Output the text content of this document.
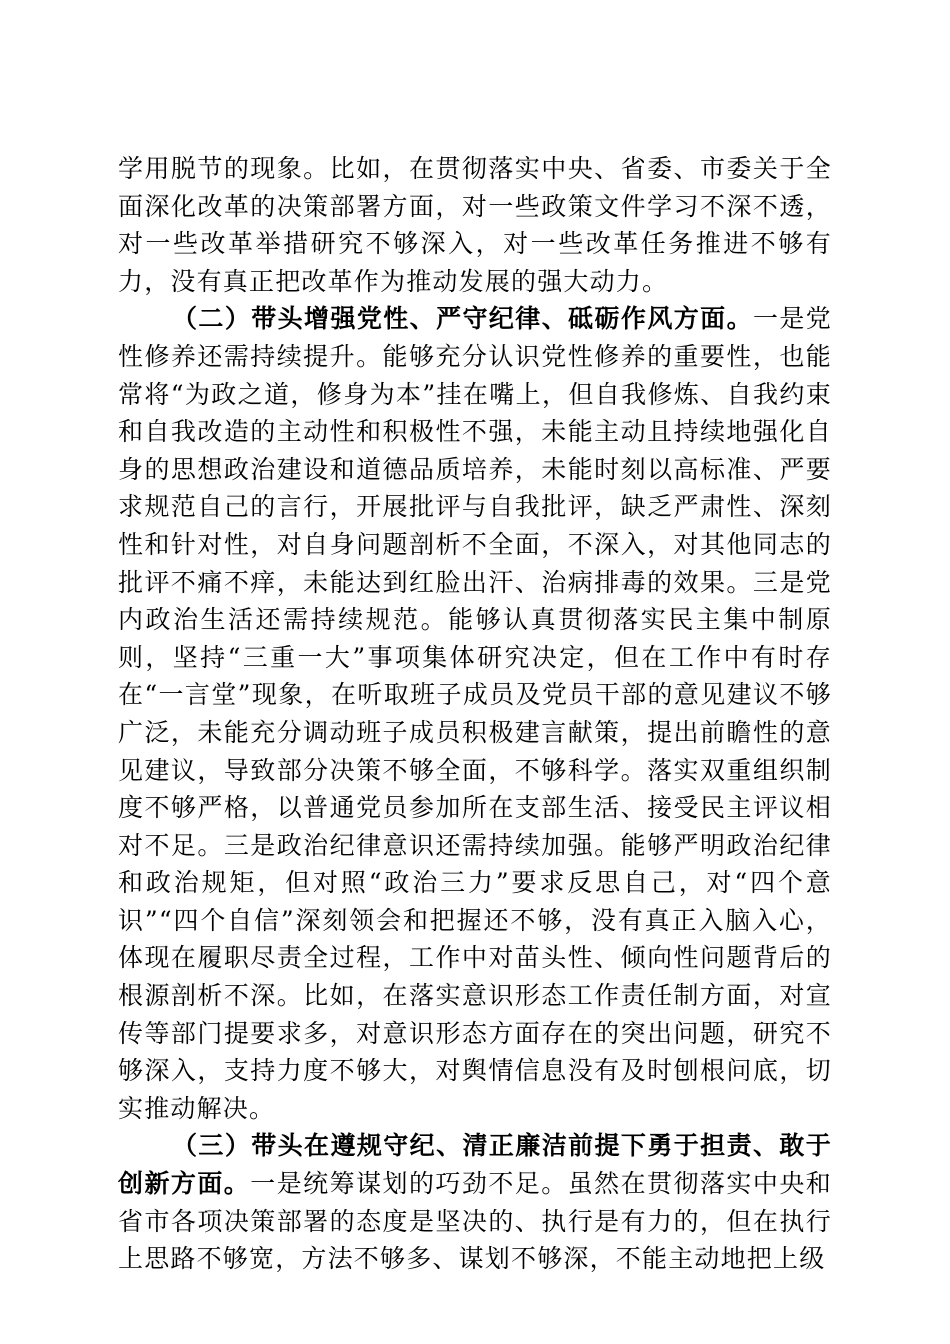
学用脱节的现象。比如，在贯彻落实中央、省委、市委关于全面深化改革的决策部署方面，对一些政策文件学习不深不透，对一些改革举措研究不够深入，对一些改革任务推进不够有力，没有真正把改革作为推动发展的强大动力。

（二）带头增强党性、严守纪律、砥砺作风方面。一是党性修养还需持续提升。能够充分认识党性修养的重要性，也能常将“为政之道，修身为本”挂在嘴上，但自我修炼、自我约束和自我改造的主动性和积极性不强，未能主动且持续地强化自身的思想政治建设和道德品质培养，未能时刻以高标准、严要求规范自己的言行，开展批评与自我批评，缺乏严肃性、深刻性和针对性，对自身问题剖析不全面，不深入，对其他同志的批评不痛不痒，未能达到红脸出汗、治病排毒的效果。三是党内政治生活还需持续规范。能够认真贯彻落实民主集中制原则，坚持“三重一大”事项集体研究决定，但在工作中有时存在“一言堂”现象，在听取班子成员及党员干部的意见建议不够广泛，未能充分调动班子成员积极建言献策，提出前瞻性的意见建议，导致部分决策不够全面，不够科学。落实双重组织制度不够严格，以普通党员参加所在支部生活、接受民主评议相对不足。三是政治纪律意识还需持续加强。能够严明政治纪律和政治规矩，但对照“政治三力”要求反思自己，对“四个意识”“四个自信”深刻领会和把握还不够，没有真正入脑入心，体现在履职尽责全过程，工作中对苗头性、倾向性问题背后的根源剖析不深。比如，在落实意识形态工作责任制方面，对宣传等部门提要求多，对意识形态方面存在的突出问题，研究不够深入，支持力度不够大，对舆情信息没有及时刨根问底，切实推动解决。

（三）带头在遵规守纪、清正廉洁前提下勇于担责、敢于创新方面。一是统筹谋划的巧劲不足。虽然在贯彻落实中央和省市各项决策部署的态度是坚决的、执行是有力的，但在执行上思路不够宽，方法不够多、谋划不够深，不能主动地把上级
